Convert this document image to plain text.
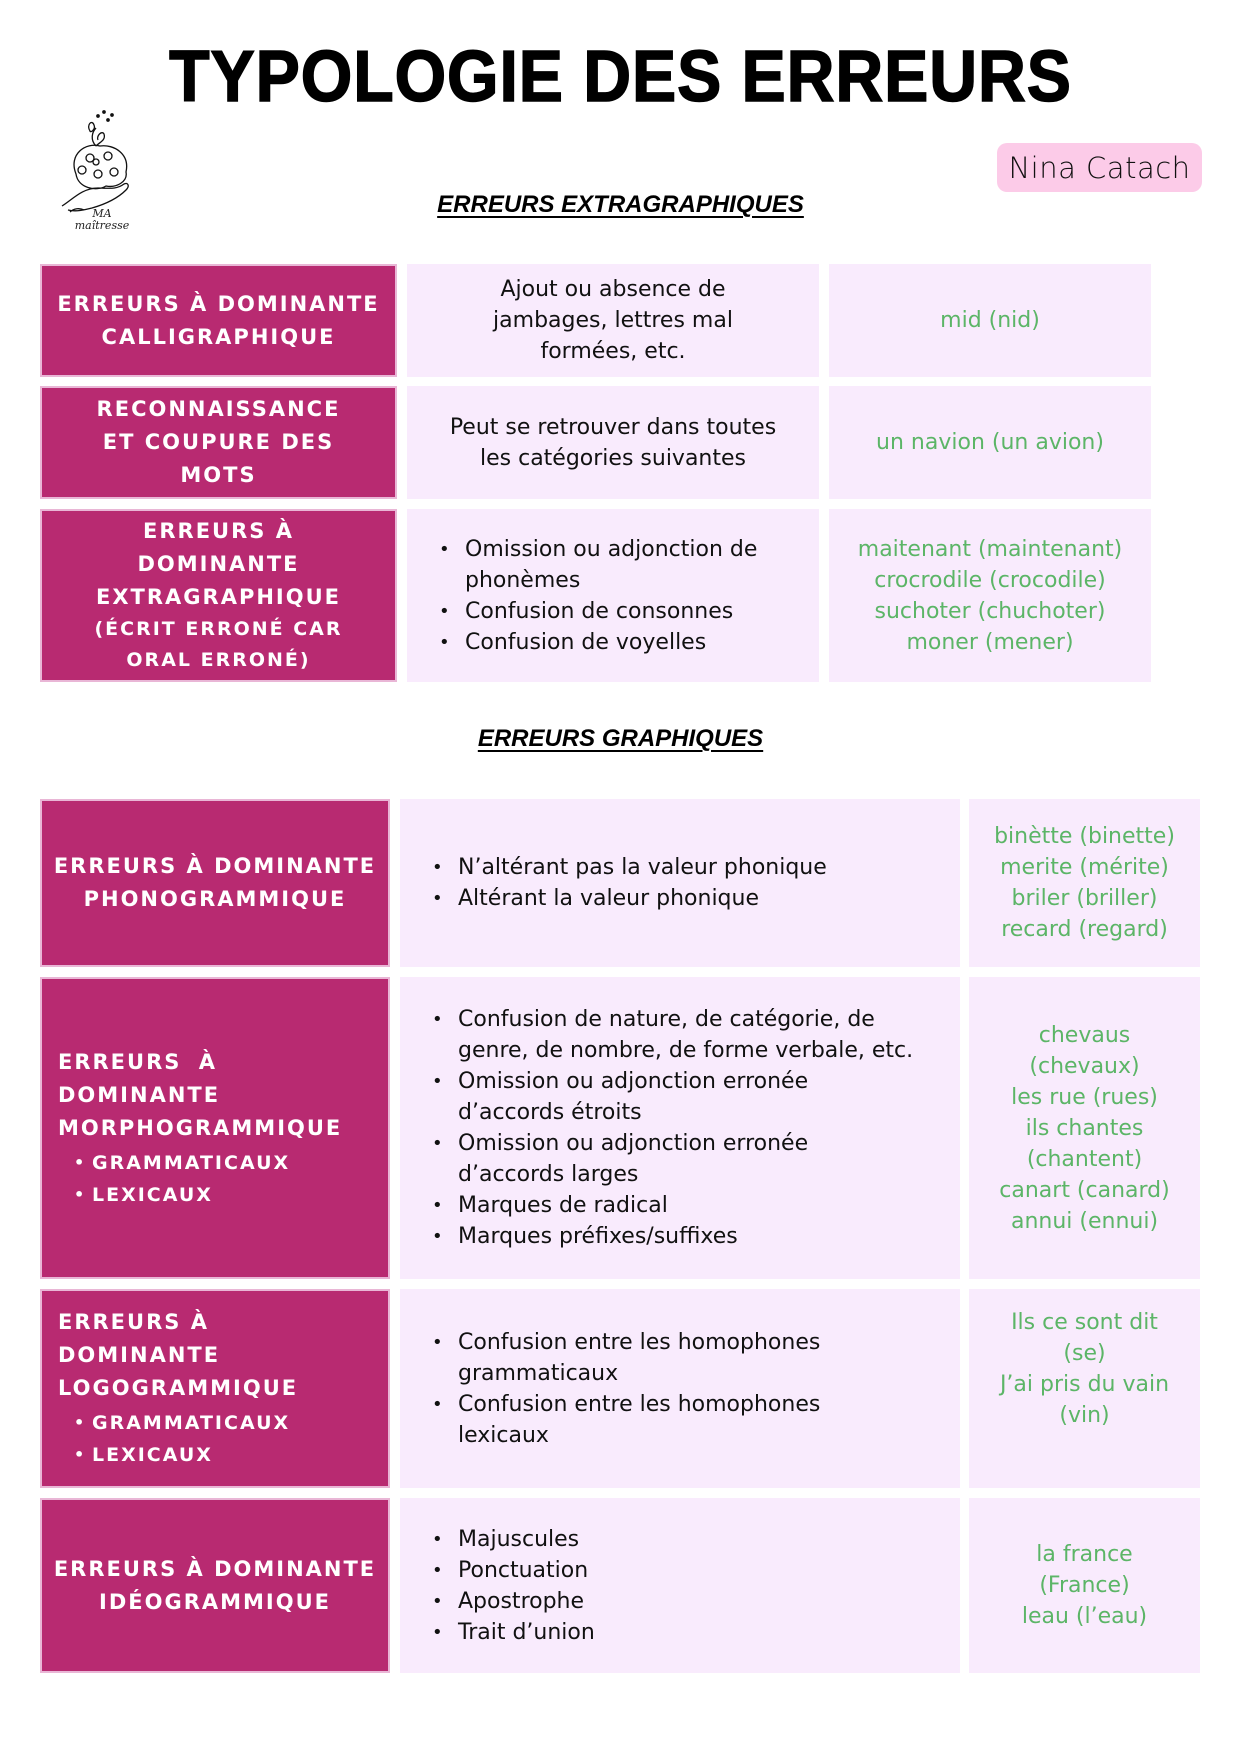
TYPOLOGIE DES ERREURS
MA
maîtresse
Nina Catach
ERREURS EXTRAGRAPHIQUES
ERREURS À DOMINANTE CALLIGRAPHIQUE
Ajout ou absence de jambages, lettres mal formées, etc.
mid (nid)
RECONNAISSANCE ET COUPURE DES MOTS
Peut se retrouver dans toutes les catégories suivantes
un navion (un avion)
ERREURS À DOMINANTE EXTRAGRAPHIQUE
(ÉCRIT ERRONÉ CAR ORAL ERRONÉ)
• Omission ou adjonction de phonèmes
• Confusion de consonnes
• Confusion de voyelles
maitenant (maintenant)
crocrodile (crocodile)
suchoter (chuchoter)
moner (mener)
ERREURS GRAPHIQUES
ERREURS À DOMINANTE PHONOGRAMMIQUE
• N’altérant pas la valeur phonique
• Altérant la valeur phonique
binètte (binette)
merite (mérite)
briler (briller)
recard (regard)
ERREURS À DOMINANTE MORPHOGRAMMIQUE
• GRAMMATICAUX
• LEXICAUX
• Confusion de nature, de catégorie, de genre, de nombre, de forme verbale, etc.
• Omission ou adjonction erronée d’accords étroits
• Omission ou adjonction erronée d’accords larges
• Marques de radical
• Marques préfixes/suffixes
chevaus
(chevaux)
les rue (rues)
ils chantes
(chantent)
canart (canard)
annui (ennui)
ERREURS À DOMINANTE LOGOGRAMMIQUE
• GRAMMATICAUX
• LEXICAUX
• Confusion entre les homophones grammaticaux
• Confusion entre les homophones lexicaux
Ils ce sont dit
(se)
J’ai pris du vain
(vin)
ERREURS À DOMINANTE IDÉOGRAMMIQUE
• Majuscules
• Ponctuation
• Apostrophe
• Trait d’union
la france
(France)
leau (l’eau)
